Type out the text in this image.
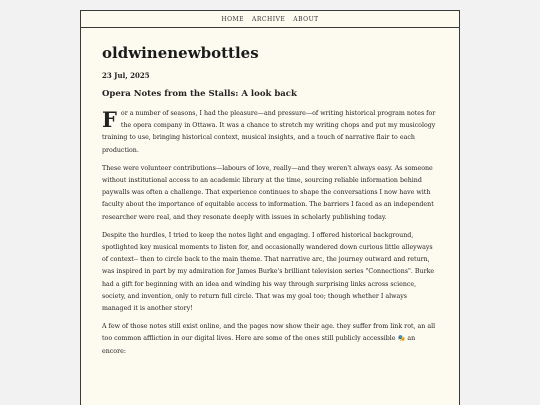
HOME ARCHIVE ABOUT
oldwinenewbottles
23 Jul, 2025
Opera Notes from the Stalls: A look back

For a number of seasons, I had the pleasure—and pressure—of writing historical program notes for the opera company in Ottawa. It was a chance to stretch my writing chops and put my musicology training to use, bringing historical context, musical insights, and a touch of narrative flair to each production.

These were volunteer contributions—labours of love, really—and they weren't always easy. As someone without institutional access to an academic library at the time, sourcing reliable information behind paywalls was often a challenge. That experience continues to shape the conversations I now have with faculty about the importance of equitable access to information. The barriers I faced as an independent researcher were real, and they resonate deeply with issues in scholarly publishing today.

Despite the hurdles, I tried to keep the notes light and engaging. I offered historical background, spotlighted key musical moments to listen for, and occasionally wandered down curious little alleyways of context-- then to circle back to the main theme. That narrative arc, the journey outward and return, was inspired in part by my admiration for James Burke's brilliant television series "Connections". Burke had a gift for beginning with an idea and winding his way through surprising links across science, society, and invention, only to return full circle. That was my goal too; though whether I always managed it is another story!

A few of those notes still exist online, and the pages now show their age. they suffer from link rot, an all too common affliction in our digital lives. Here are some of the ones still publicly accessible 🎭 an encore:
